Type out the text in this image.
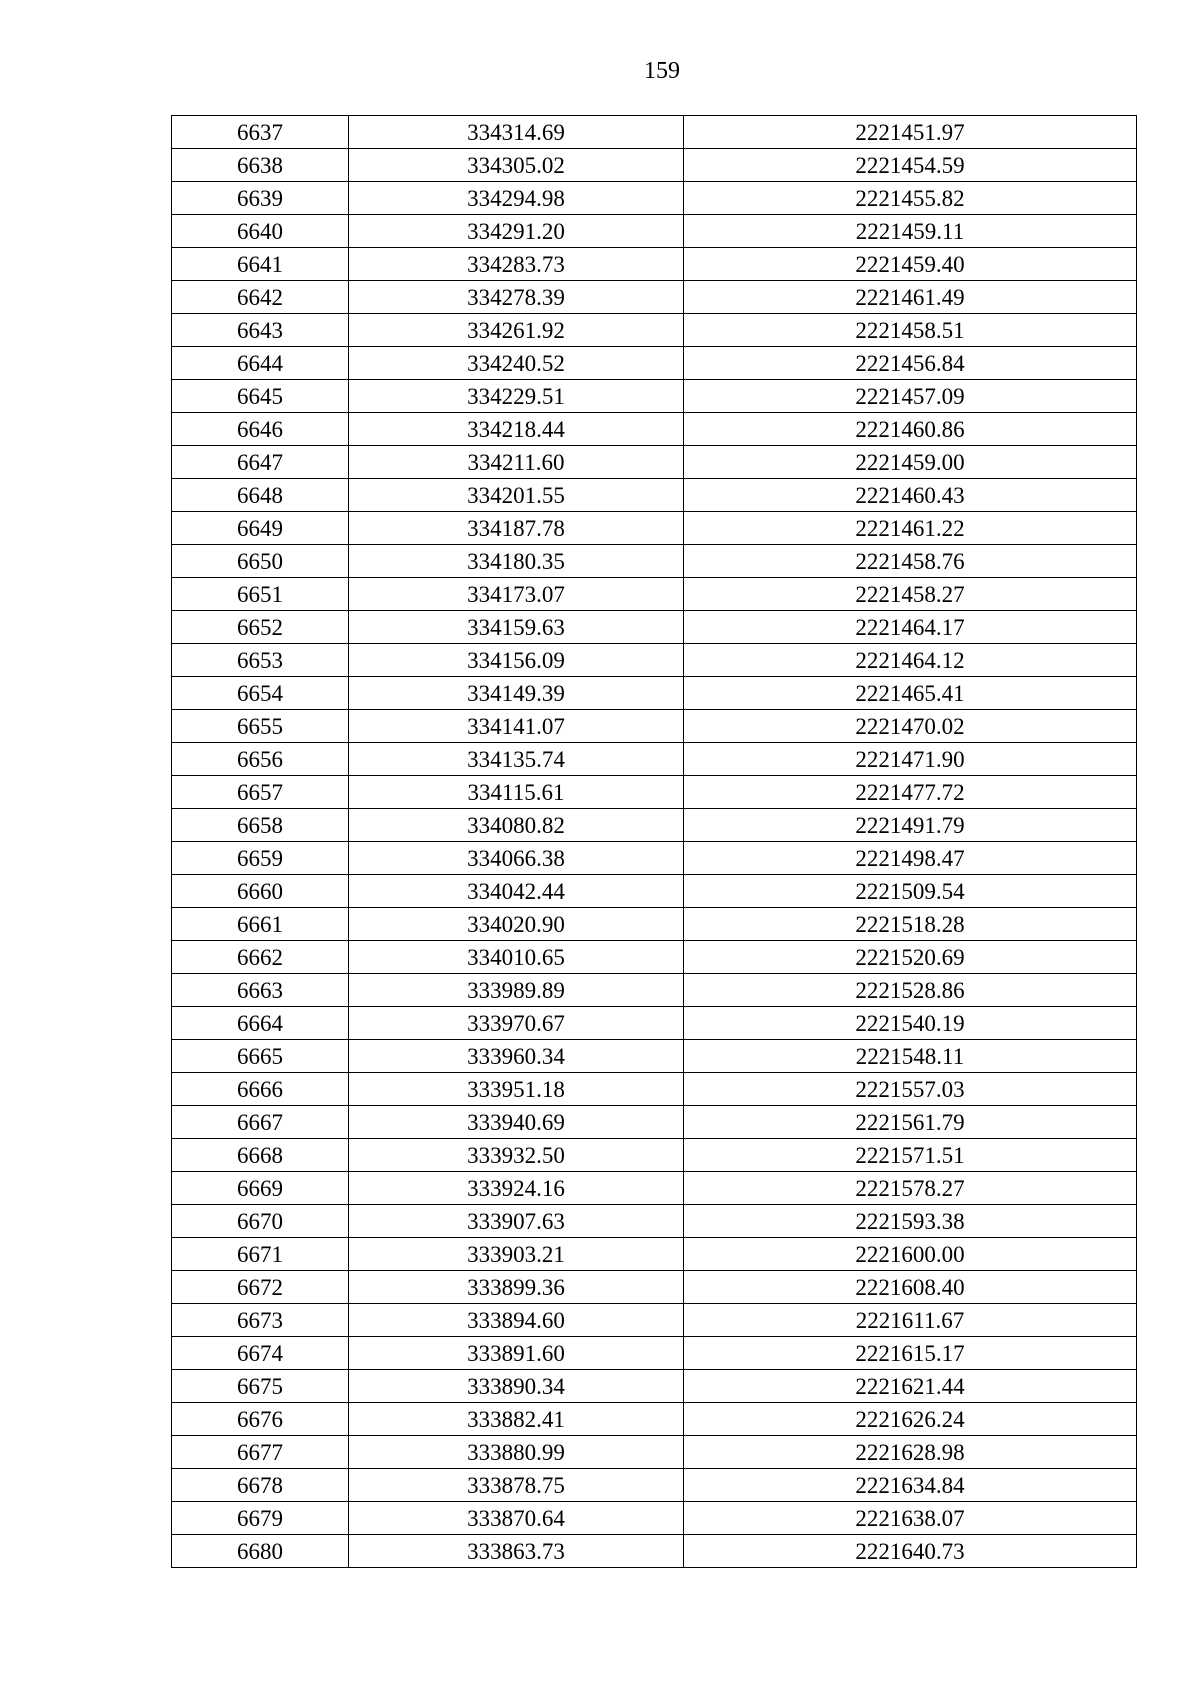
159
6637	334314.69	2221451.97
6638	334305.02	2221454.59
6639	334294.98	2221455.82
6640	334291.20	2221459.11
6641	334283.73	2221459.40
6642	334278.39	2221461.49
6643	334261.92	2221458.51
6644	334240.52	2221456.84
6645	334229.51	2221457.09
6646	334218.44	2221460.86
6647	334211.60	2221459.00
6648	334201.55	2221460.43
6649	334187.78	2221461.22
6650	334180.35	2221458.76
6651	334173.07	2221458.27
6652	334159.63	2221464.17
6653	334156.09	2221464.12
6654	334149.39	2221465.41
6655	334141.07	2221470.02
6656	334135.74	2221471.90
6657	334115.61	2221477.72
6658	334080.82	2221491.79
6659	334066.38	2221498.47
6660	334042.44	2221509.54
6661	334020.90	2221518.28
6662	334010.65	2221520.69
6663	333989.89	2221528.86
6664	333970.67	2221540.19
6665	333960.34	2221548.11
6666	333951.18	2221557.03
6667	333940.69	2221561.79
6668	333932.50	2221571.51
6669	333924.16	2221578.27
6670	333907.63	2221593.38
6671	333903.21	2221600.00
6672	333899.36	2221608.40
6673	333894.60	2221611.67
6674	333891.60	2221615.17
6675	333890.34	2221621.44
6676	333882.41	2221626.24
6677	333880.99	2221628.98
6678	333878.75	2221634.84
6679	333870.64	2221638.07
6680	333863.73	2221640.73
